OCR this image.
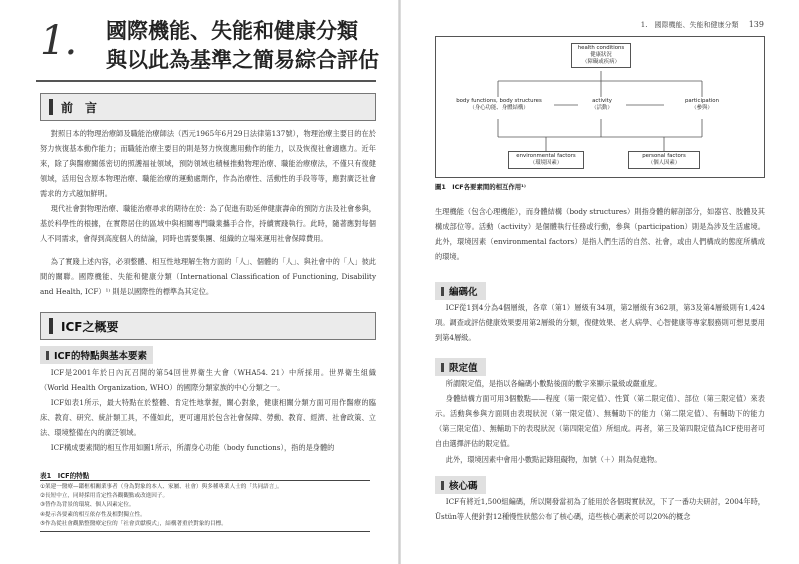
1. 國際機能、失能和健康分類
與以此為基準之簡易綜合評估
前　言
對照日本的物理治療師及職能治療師法（西元1965年6月29日法律第137號），物理治療主要目的在於努力恢復基本動作能力；而職能治療主要目的則是努力恢復應用動作的能力，以及恢復社會適應力。近年來，除了與醫療關係密切的照護福祉領域，預防領域也積極推動物理治療、職能治療療法，不僅只有復健領域，活用包含原本物理治療、職能治療的運動處劑作，作為治療性、活動性的手段等等，應對廣泛社會需求的方式越加鮮明。
現代社會對物理治療、職能治療尋求的期待在於：為了促進有助延伸健康壽命的預防方法及社會參與，基於科學性的根據，在實際居住的區域中與相關專門職業攜手合作，持續實踐執行。此時，隨著應對每個人不同需求，會得到高度個人的結論，同時也需要集團、組織的立場來運用社會保障費用。
為了實踐上述內容，必須整體、相互性地理解生物方面的「人」、個體的「人」、與社會中的「人」彼此間的關聯。國際機能、失能和健康分類（International Classification of Functioning, Disability and Health, ICF）¹⁾ 則是以國際性的標準為其定位。
ICF之概要
ICF的特點與基本要素
ICF是2001年於日內瓦召開的第54回世界衛生大會（WHA54. 21）中所採用。世界衛生組織（World Health Organization, WHO）的國際分類家族的中心分類之一。
ICF如表1所示，最大特點在於整體、肯定性地掌握，關心對象，健康相關分類方面可用作醫療的臨床、教育、研究、統計類工具，不僅如此，更可適用於包含社會保障、勞動、教育、經濟、社會政策、立法、環境整備在內的廣泛領域。
ICF構成要素間的相互作用如圖1所示，所謂身心功能（body functions），指的是身體的
表1　ICF的特點
①架建一醫療—鑑框相關業事者（身為對象的本人、家屬、社會）與多種專業人士的「共同語言」。
②長短中立，同時採用肯定性各觀觀點或改進因子。
③替作為背景的環境、個人因素定位。
④提示各要素的相互依存性及相對獨立性。
⑤作為從社會觀點整醫療定位的「社會貢獻模式」，結構著重於對象的目標。
1.　國際機能、失能和健康分類 139
health conditions
健康狀況
（障礙或疾病）
body functions, body structures
（身心功能、身體結構）
activity
（活動）
participation
（參與）
environmental factors
（環境因素）
personal factors
（個人因素）
圖1　ICF各要素間的相互作用¹⁾
生理機能（包含心理機能），而身體結構（body structures）則指身體的解剖部分，如器官、肢體及其構成部位等。活動（activity）是個體執行任務或行動，參與（participation）則是為涉及生活處境。此外，環境因素（environmental factors）是指人們生活的自然、社會，或由人們構成的態度所構成的環境。
編碼化
ICF從1到4分為4個層級，各章（第1）層級有34項，第2層級有362項，第3及第4層級則有1,424項。調查或評估健康效果要用第2層級的分類，復健效果、老人病學、心智健康等專家服務則可想見要用到第4層級。
限定值
所謂限定值，是指以各編碼小數點後面的數字來顯示量級或嚴重度。
身體結構方面可用3個數點——程度（第一限定值）、性質（第二限定值）、部位（第三限定值）來表示。活動與參與方面則由表現狀況（第一限定值）、無輔助下的能力（第二限定值）、有輔助下的能力（第三限定值）、無輔助下的表現狀況（第四限定值）所組成。再者，第三及第四限定值為ICF使用者可自由選擇評估的限定值。
此外，環境因素中會用小數點記錄阻礙物，加號（＋）則為促進物。
核心碼
ICF有將近1,500組編碼，所以開發當初為了能用於各個現實狀況，下了一番功夫研討，2004年時，Üstün等人便針對12種慢性狀態公布了核心碼，這些核心碼紊於可以20%的概念
